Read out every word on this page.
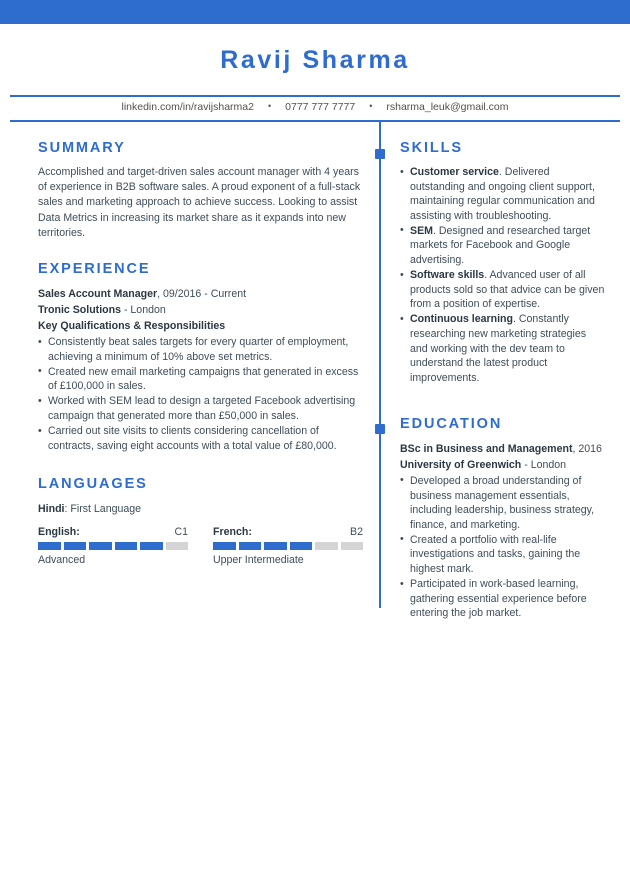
Ravij Sharma
linkedin.com/in/ravijsharma2 • 0777 777 7777 • rsharma_leuk@gmail.com
SUMMARY
Accomplished and target-driven sales account manager with 4 years of experience in B2B software sales. A proud exponent of a full-stack sales and marketing approach to achieve success. Looking to assist Data Metrics in increasing its market share as it expands into new territories.
EXPERIENCE
Sales Account Manager, 09/2016 - Current
Tronic Solutions - London
Key Qualifications & Responsibilities
• Consistently beat sales targets for every quarter of employment, achieving a minimum of 10% above set metrics.
• Created new email marketing campaigns that generated in excess of £100,000 in sales.
• Worked with SEM lead to design a targeted Facebook advertising campaign that generated more than £50,000 in sales.
• Carried out site visits to clients considering cancellation of contracts, saving eight accounts with a total value of £80,000.
LANGUAGES
Hindi: First Language
English:	C1
Advanced
French:	B2
Upper Intermediate
SKILLS
• Customer service. Delivered outstanding and ongoing client support, maintaining regular communication and assisting with troubleshooting.
• SEM. Designed and researched target markets for Facebook and Google advertising.
• Software skills. Advanced user of all products sold so that advice can be given from a position of expertise.
• Continuous learning. Constantly researching new marketing strategies and working with the dev team to understand the latest product improvements.
EDUCATION
BSc in Business and Management, 2016
University of Greenwich - London
• Developed a broad understanding of business management essentials, including leadership, business strategy, finance, and marketing.
• Created a portfolio with real-life investigations and tasks, gaining the highest mark.
• Participated in work-based learning, gathering essential experience before entering the job market.
